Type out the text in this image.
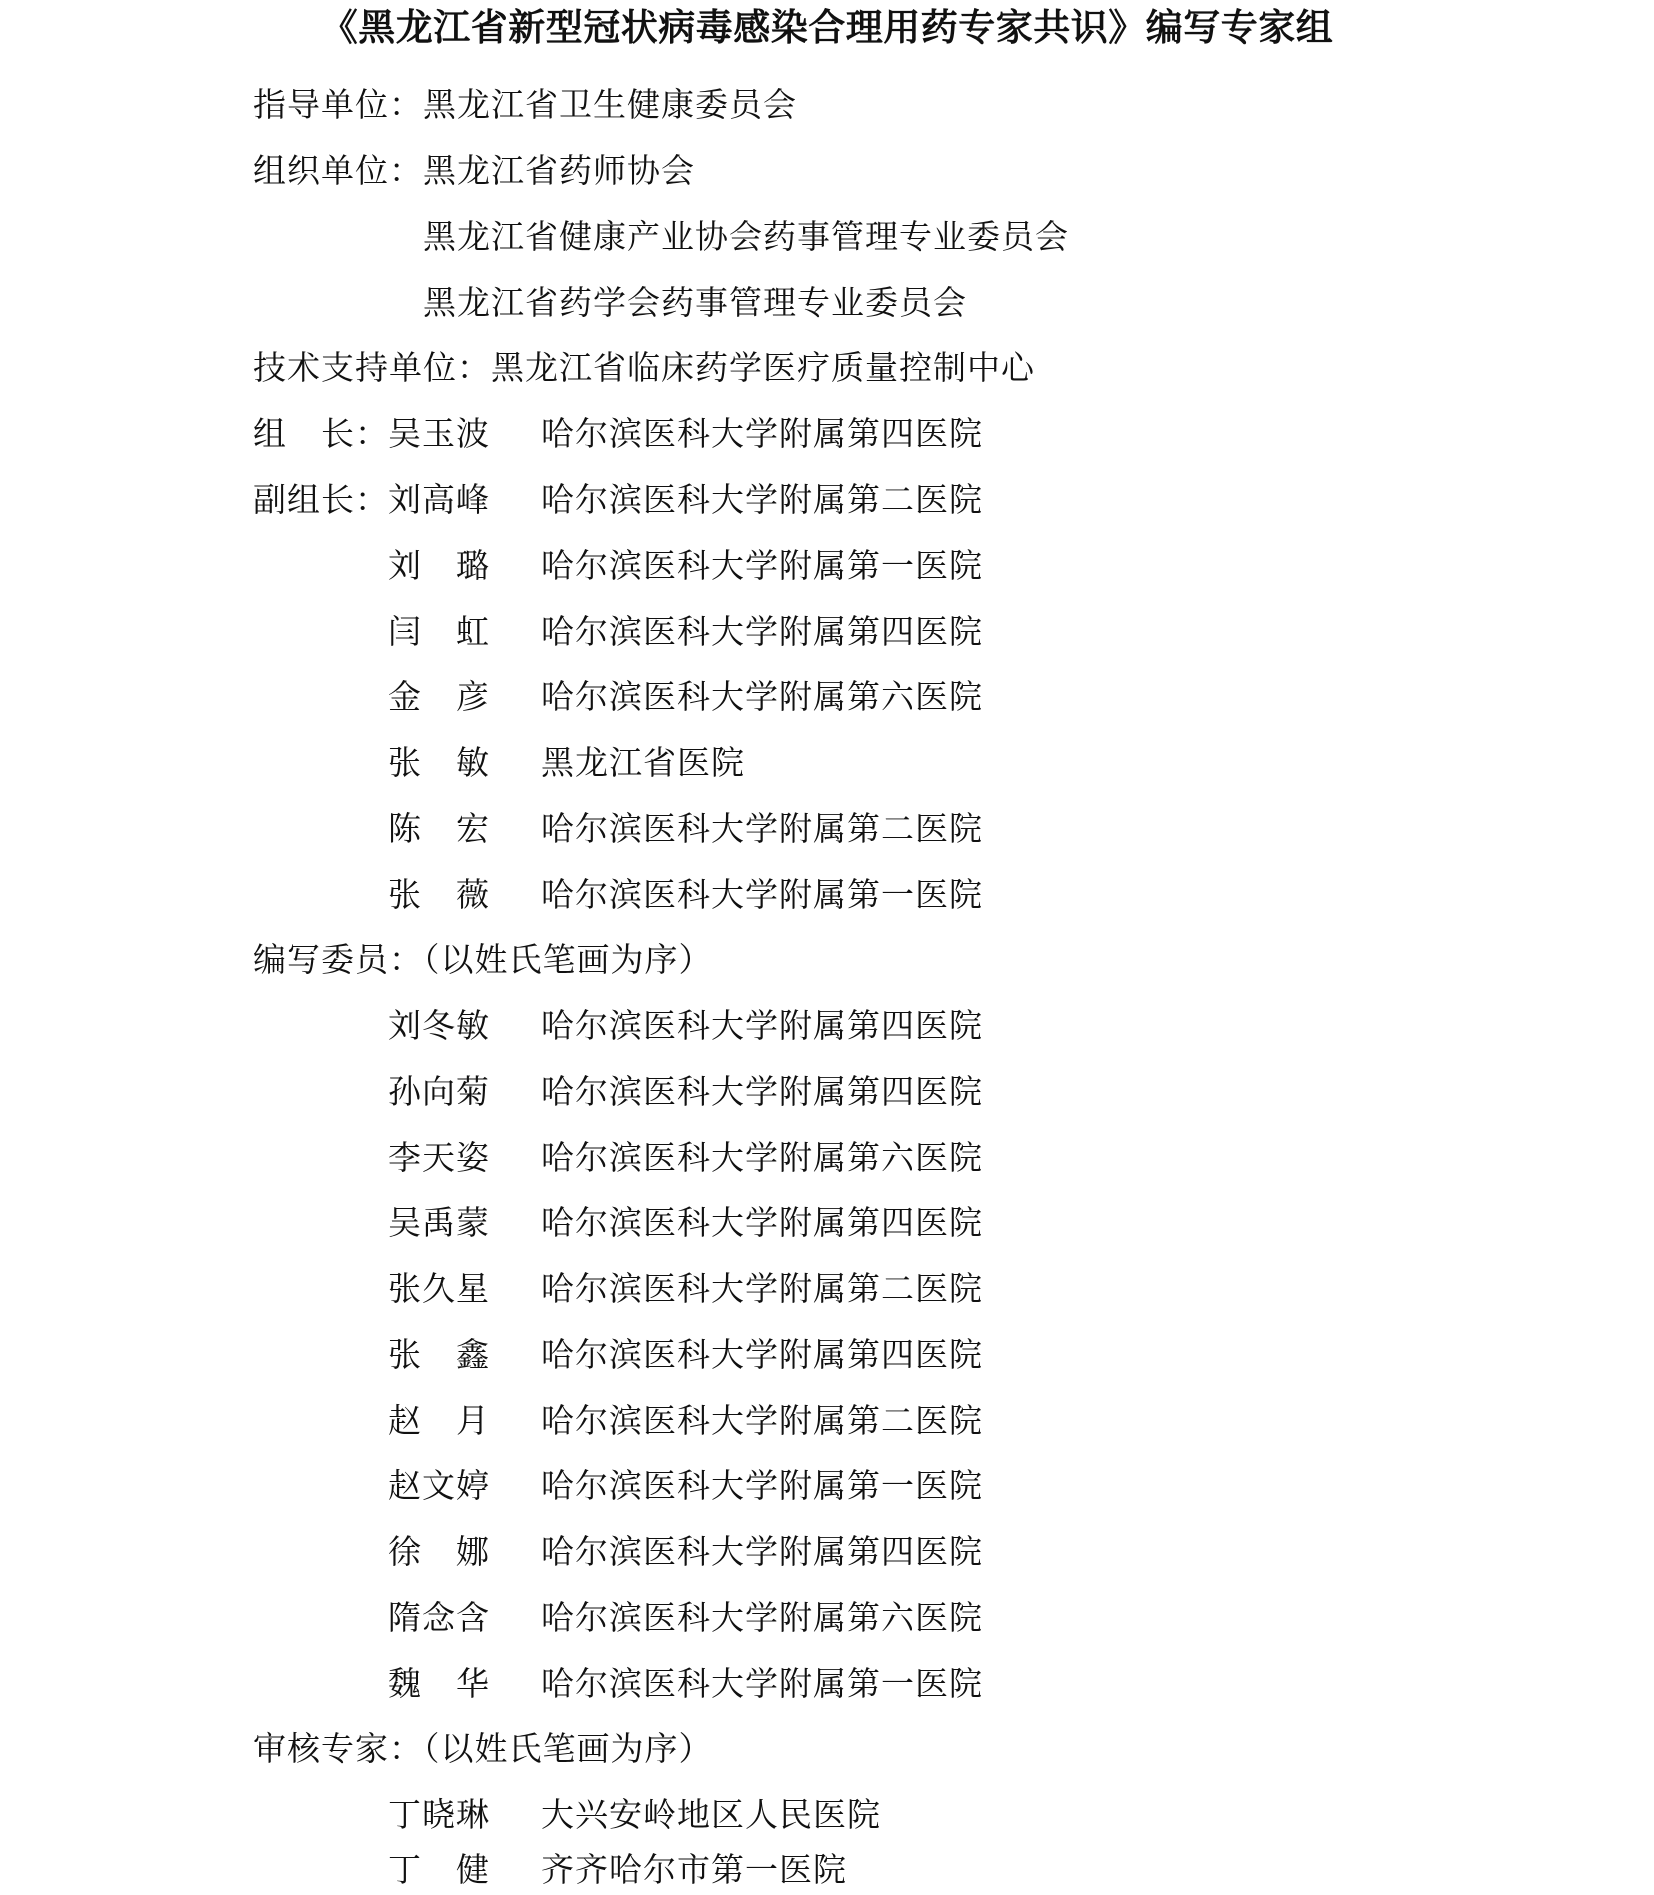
《黑龙江省新型冠状病毒感染合理用药专家共识》编写专家组
指导单位：黑龙江省卫生健康委员会
组织单位：黑龙江省药师协会
黑龙江省健康产业协会药事管理专业委员会
黑龙江省药学会药事管理专业委员会
技术支持单位：黑龙江省临床药学医疗质量控制中心
组　长： 吴玉波 哈尔滨医科大学附属第四医院
副组长： 刘高峰 哈尔滨医科大学附属第二医院
刘　璐 哈尔滨医科大学附属第一医院
闫　虹 哈尔滨医科大学附属第四医院
金　彦 哈尔滨医科大学附属第六医院
张　敏 黑龙江省医院
陈　宏 哈尔滨医科大学附属第二医院
张　薇 哈尔滨医科大学附属第一医院
编写委员：（以姓氏笔画为序）
刘冬敏 哈尔滨医科大学附属第四医院
孙向菊 哈尔滨医科大学附属第四医院
李天姿 哈尔滨医科大学附属第六医院
吴禹蒙 哈尔滨医科大学附属第四医院
张久星 哈尔滨医科大学附属第二医院
张　鑫 哈尔滨医科大学附属第四医院
赵　月 哈尔滨医科大学附属第二医院
赵文婷 哈尔滨医科大学附属第一医院
徐　娜 哈尔滨医科大学附属第四医院
隋念含 哈尔滨医科大学附属第六医院
魏　华 哈尔滨医科大学附属第一医院
审核专家：（以姓氏笔画为序）
丁晓琳 大兴安岭地区人民医院
丁　健 齐齐哈尔市第一医院
